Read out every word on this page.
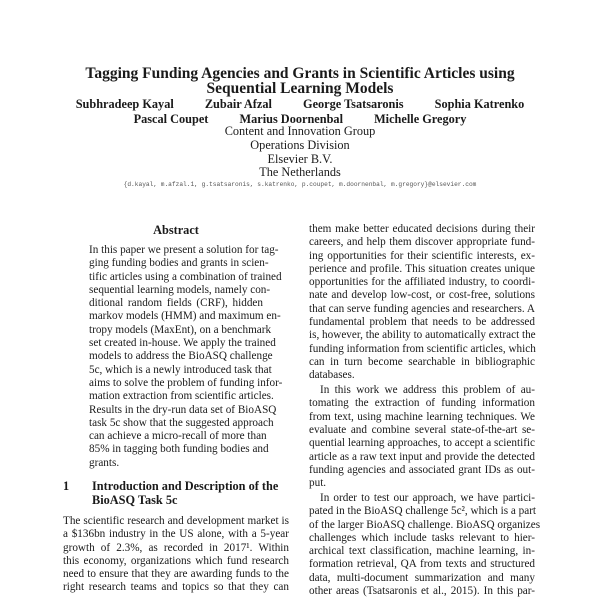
Tagging Funding Agencies and Grants in Scientific Articles using
Sequential Learning Models
Subhradeep Kayal	Zubair Afzal	George Tsatsaronis	Sophia Katrenko
Pascal Coupet	Marius Doornenbal	Michelle Gregory
Content and Innovation Group
Operations Division
Elsevier B.V.
The Netherlands
{d.kayal, m.afzal.1, g.tsatsaronis, s.katrenko, p.coupet, m.doornenbal, m.gregory}@elsevier.com
Abstract
In this paper we present a solution for tag-
ging funding bodies and grants in scien-
tific articles using a combination of trained
sequential learning models, namely con-
ditional random fields (CRF), hidden
markov models (HMM) and maximum en-
tropy models (MaxEnt), on a benchmark
set created in-house. We apply the trained
models to address the BioASQ challenge
5c, which is a newly introduced task that
aims to solve the problem of funding infor-
mation extraction from scientific articles.
Results in the dry-run data set of BioASQ
task 5c show that the suggested approach
can achieve a micro-recall of more than
85% in tagging both funding bodies and
grants.
1 Introduction and Description of the
BioASQ Task 5c
The scientific research and development market is
a $136bn industry in the US alone, with a 5-year
growth of 2.3%, as recorded in 2017¹. Within
this economy, organizations which fund research
need to ensure that they are awarding funds to the
right research teams and topics so that they can
them make better educated decisions during their
careers, and help them discover appropriate fund-
ing opportunities for their scientific interests, ex-
perience and profile. This situation creates unique
opportunities for the affiliated industry, to coordi-
nate and develop low-cost, or cost-free, solutions
that can serve funding agencies and researchers. A
fundamental problem that needs to be addressed
is, however, the ability to automatically extract the
funding information from scientific articles, which
can in turn become searchable in bibliographic
databases.
In this work we address this problem of au-
tomating the extraction of funding information
from text, using machine learning techniques. We
evaluate and combine several state-of-the-art se-
quential learning approaches, to accept a scientific
article as a raw text input and provide the detected
funding agencies and associated grant IDs as out-
put.
In order to test our approach, we have partici-
pated in the BioASQ challenge 5c², which is a part
of the larger BioASQ challenge. BioASQ organizes
challenges which include tasks relevant to hier-
archical text classification, machine learning, in-
formation retrieval, QA from texts and structured
data, multi-document summarization and many
other areas (Tsatsaronis et al., 2015). In this par-
